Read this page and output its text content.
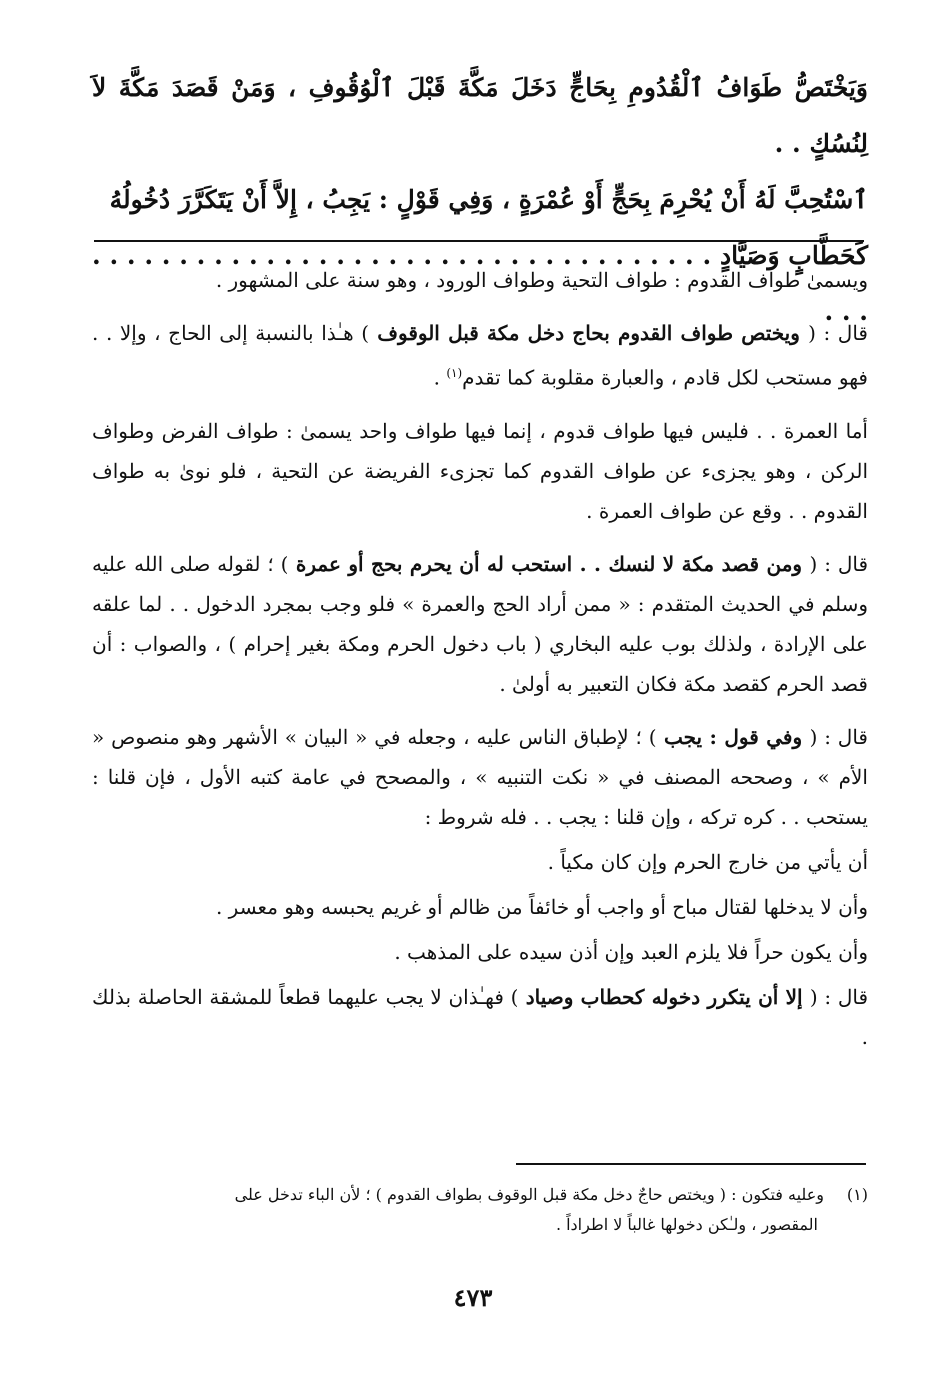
وَيَخْتَصُّ طَوَافُ ٱلْقُدُومِ بِحَاجٍّ دَخَلَ مَكَّةَ قَبْلَ ٱلْوُقُوفِ ، وَمَنْ قَصَدَ مَكَّةَ لاَ لِنُسُكٍ . .

ٱسْتُحِبَّ لَهُ أَنْ يُحْرِمَ بِحَجٍّ أَوْ عُمْرَةٍ ، وَفِي قَوْلٍ : يَجِبُ ، إِلاَّ أَنْ يَتَكَرَّرَ دُخُولُهُ

كَحَطَّابٍ وَصَيَّادٍ . . . . . . . . . . . . . . . . . . . . . . . . . . . . . . . . . . . . . . .

ويسمىٰ طواف القدوم : طواف التحية وطواف الورود ، وهو سنة على المشهور .

قال : ( ويختص طواف القدوم بحاج دخل مكة قبل الوقوف ) هـٰذا بالنسبة إلى الحاج ، وإلا . . فهو مستحب لكل قادم ، والعبارة مقلوبة كما تقدم$^{(١)}$ .

أما العمرة . . فليس فيها طواف قدوم ، إنما فيها طواف واحد يسمىٰ : طواف الفرض وطواف الركن ، وهو يجزىء عن طواف القدوم كما تجزىء الفريضة عن التحية ، فلو نوىٰ به طواف القدوم . . وقع عن طواف العمرة .

قال : ( ومن قصد مكة لا لنسك . . استحب له أن يحرم بحج أو عمرة ) ؛ لقوله صلى الله عليه وسلم في الحديث المتقدم : « ممن أراد الحج والعمرة » فلو وجب بمجرد الدخول . . لما علقه على الإرادة ، ولذلك بوب عليه البخاري ( باب دخول الحرم ومكة بغير إحرام ) ، والصواب : أن قصد الحرم كقصد مكة فكان التعبير به أولىٰ .

قال : ( وفي قول : يجب ) ؛ لإطباق الناس عليه ، وجعله في « البيان » الأشهر وهو منصوص « الأم » ، وصححه المصنف في « نكت التنبيه » ، والمصحح في عامة كتبه الأول ، فإن قلنا : يستحب . . كره تركه ، وإن قلنا : يجب . . فله شروط :

أن يأتي من خارج الحرم وإن كان مكياً .

وأن لا يدخلها لقتال مباح أو واجب أو خائفاً من ظالم أو غريم يحبسه وهو معسر .

وأن يكون حراً فلا يلزم العبد وإن أذن سيده على المذهب .

قال : ( إلا أن يتكرر دخوله كحطاب وصياد ) فهـٰذان لا يجب عليهما قطعاً للمشقة الحاصلة بذلك .

(١)وعليه فتكون : ( ويختص حاجٌ دخل مكة قبل الوقوف بطواف القدوم ) ؛ لأن الباء تدخل على
المقصور ، ولـٰكن دخولها غالباً لا اطراداً .
٤٧٣
